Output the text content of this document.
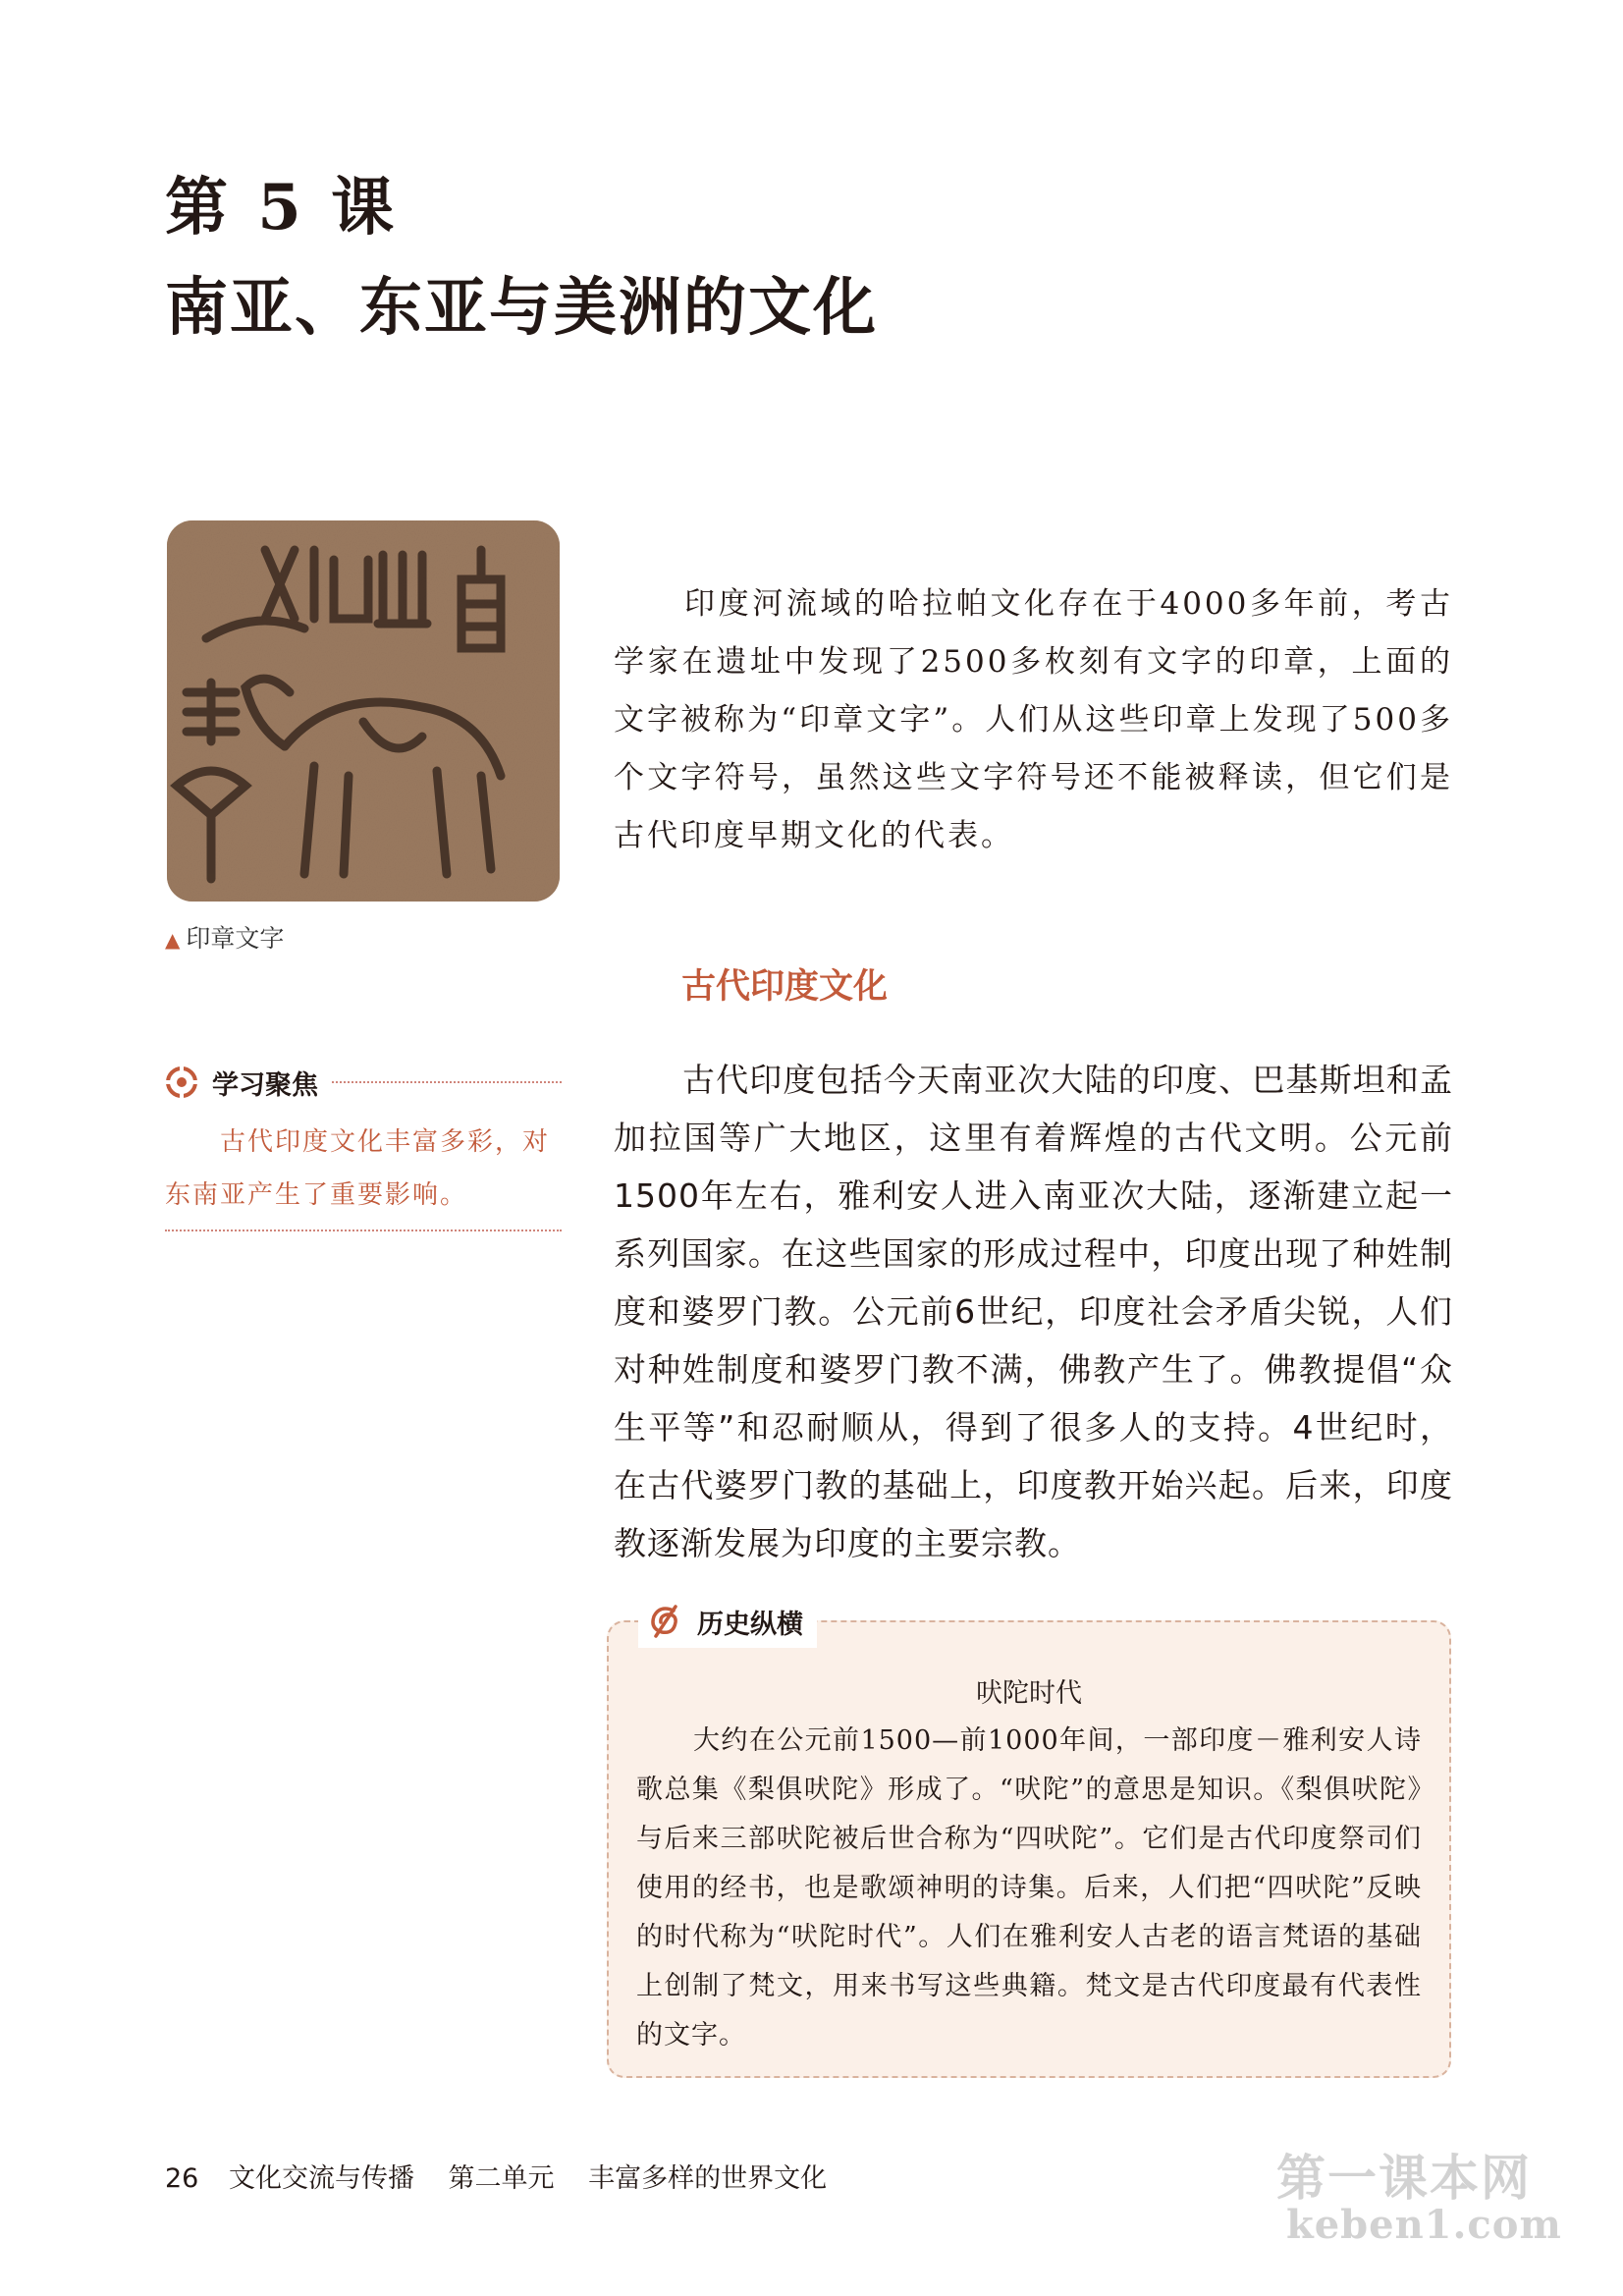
第 5 课
南亚、东亚与美洲的文化
▲ 印章文字

印度河流域的哈拉帕文化存在于4000多年前，考古学家在遗址中发现了2500多枚刻有文字的印章，上面的文字被称为“印章文字”。人们从这些印章上发现了500多个文字符号，虽然这些文字符号还不能被释读，但它们是古代印度早期文化的代表。

古代印度文化
学习聚焦

古代印度文化丰富多彩，对东南亚产生了重要影响。

古代印度包括今天南亚次大陆的印度、巴基斯坦和孟加拉国等广大地区，这里有着辉煌的古代文明。公元前1500年左右，雅利安人进入南亚次大陆，逐渐建立起一系列国家。在这些国家的形成过程中，印度出现了种姓制度和婆罗门教。公元前6世纪，印度社会矛盾尖锐，人们对种姓制度和婆罗门教不满，佛教产生了。佛教提倡“众生平等”和忍耐顺从，得到了很多人的支持。4世纪时，在古代婆罗门教的基础上，印度教开始兴起。后来，印度教逐渐发展为印度的主要宗教。

历史纵横
吠陀时代

大约在公元前1500—前1000年间，一部印度－雅利安人诗歌总集《梨俱吠陀》形成了。“吠陀”的意思是知识。《梨俱吠陀》与后来三部吠陀被后世合称为“四吠陀”。它们是古代印度祭司们使用的经书，也是歌颂神明的诗集。后来，人们把“四吠陀”反映的时代称为“吠陀时代”。人们在雅利安人古老的语言梵语的基础上创制了梵文，用来书写这些典籍。梵文是古代印度最有代表性的文字。

26 文化交流与传播 第二单元 丰富多样的世界文化	第一课本网
keben1.com
